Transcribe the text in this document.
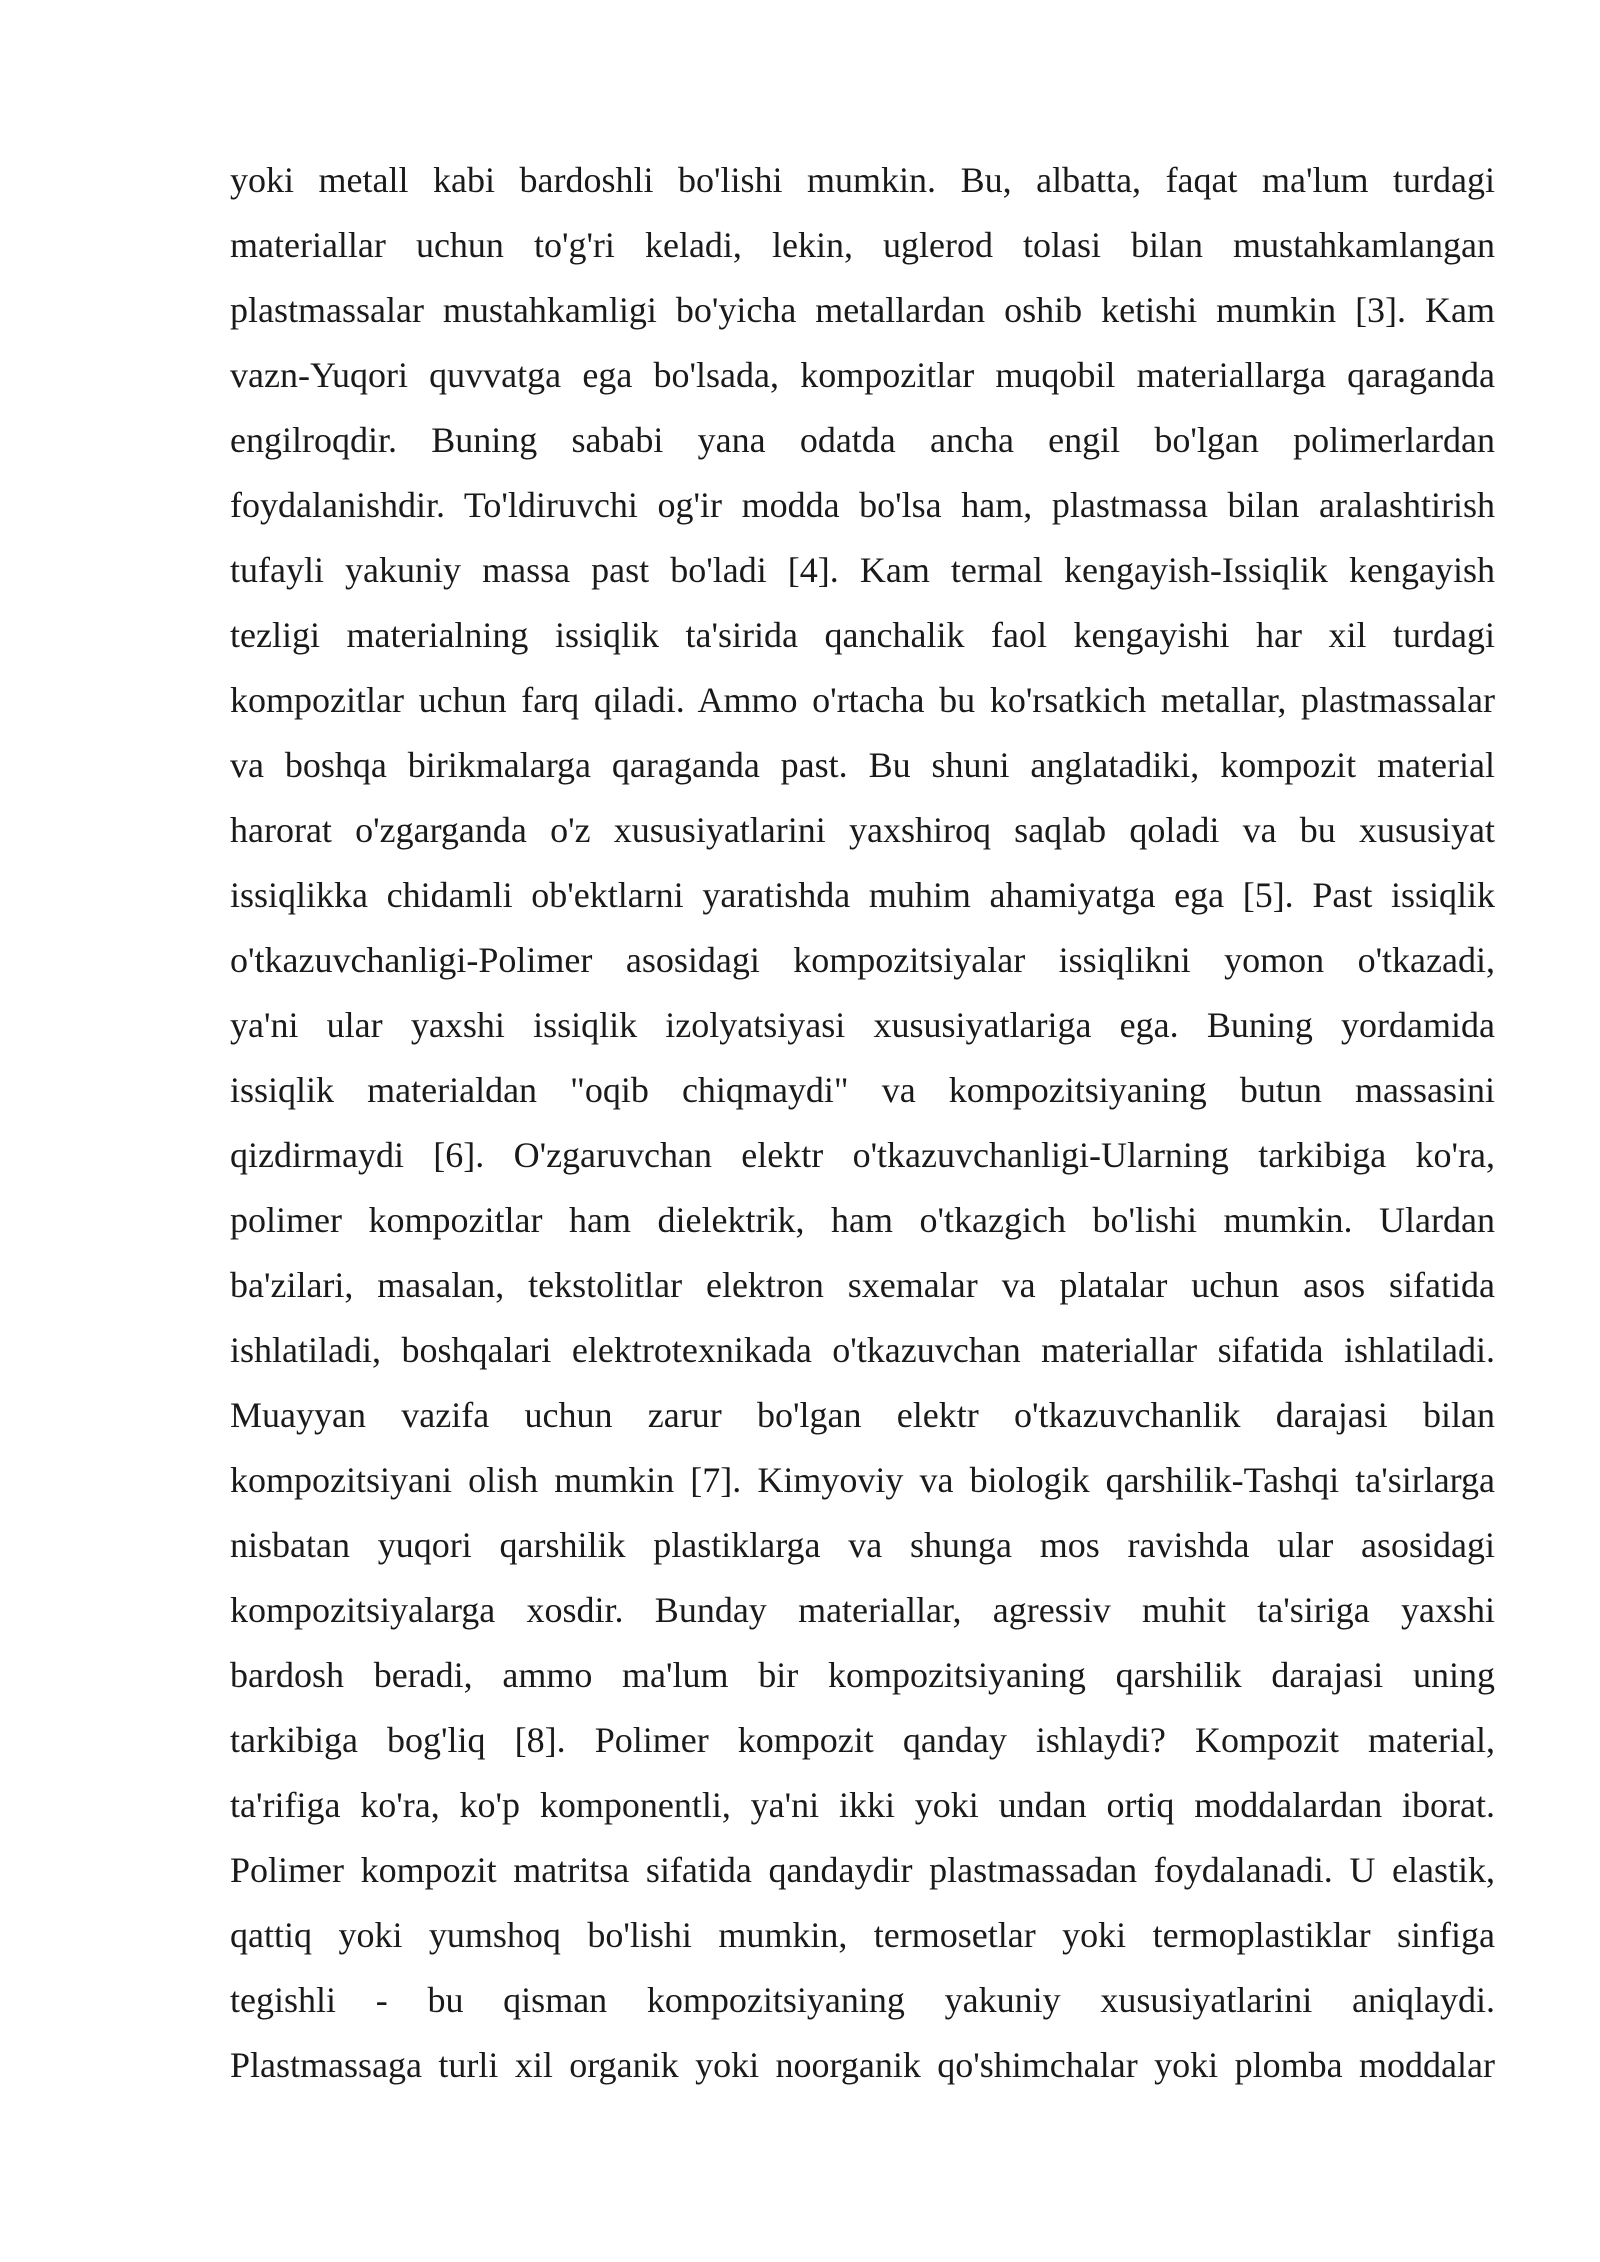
yoki metall kabi bardoshli bo'lishi mumkin. Bu, albatta, faqat ma'lum turdagi
materiallar uchun to'g'ri keladi, lekin, uglerod tolasi bilan mustahkamlangan
plastmassalar mustahkamligi bo'yicha metallardan oshib ketishi mumkin [3]. Kam
vazn-Yuqori quvvatga ega bo'lsada, kompozitlar muqobil materiallarga qaraganda
engilroqdir. Buning sababi yana odatda ancha engil bo'lgan polimerlardan
foydalanishdir. To'ldiruvchi og'ir modda bo'lsa ham, plastmassa bilan aralashtirish
tufayli yakuniy massa past bo'ladi [4]. Kam termal kengayish-Issiqlik kengayish
tezligi materialning issiqlik ta'sirida qanchalik faol kengayishi har xil turdagi
kompozitlar uchun farq qiladi. Ammo o'rtacha bu ko'rsatkich metallar, plastmassalar
va boshqa birikmalarga qaraganda past. Bu shuni anglatadiki, kompozit material
harorat o'zgarganda o'z xususiyatlarini yaxshiroq saqlab qoladi va bu xususiyat
issiqlikka chidamli ob'ektlarni yaratishda muhim ahamiyatga ega [5]. Past issiqlik
o'tkazuvchanligi-Polimer asosidagi kompozitsiyalar issiqlikni yomon o'tkazadi,
ya'ni ular yaxshi issiqlik izolyatsiyasi xususiyatlariga ega. Buning yordamida
issiqlik materialdan "oqib chiqmaydi" va kompozitsiyaning butun massasini
qizdirmaydi [6]. O'zgaruvchan elektr o'tkazuvchanligi-Ularning tarkibiga ko'ra,
polimer kompozitlar ham dielektrik, ham o'tkazgich bo'lishi mumkin. Ulardan
ba'zilari, masalan, tekstolitlar elektron sxemalar va platalar uchun asos sifatida
ishlatiladi, boshqalari elektrotexnikada o'tkazuvchan materiallar sifatida ishlatiladi.
Muayyan vazifa uchun zarur bo'lgan elektr o'tkazuvchanlik darajasi bilan
kompozitsiyani olish mumkin [7]. Kimyoviy va biologik qarshilik-Tashqi ta'sirlarga
nisbatan yuqori qarshilik plastiklarga va shunga mos ravishda ular asosidagi
kompozitsiyalarga xosdir. Bunday materiallar, agressiv muhit ta'siriga yaxshi
bardosh beradi, ammo ma'lum bir kompozitsiyaning qarshilik darajasi uning
tarkibiga bog'liq [8]. Polimer kompozit qanday ishlaydi? Kompozit material,
ta'rifiga ko'ra, ko'p komponentli, ya'ni ikki yoki undan ortiq moddalardan iborat.
Polimer kompozit matritsa sifatida qandaydir plastmassadan foydalanadi. U elastik,
qattiq yoki yumshoq bo'lishi mumkin, termosetlar yoki termoplastiklar sinfiga
tegishli - bu qisman kompozitsiyaning yakuniy xususiyatlarini aniqlaydi.
Plastmassaga turli xil organik yoki noorganik qo'shimchalar yoki plomba moddalar
